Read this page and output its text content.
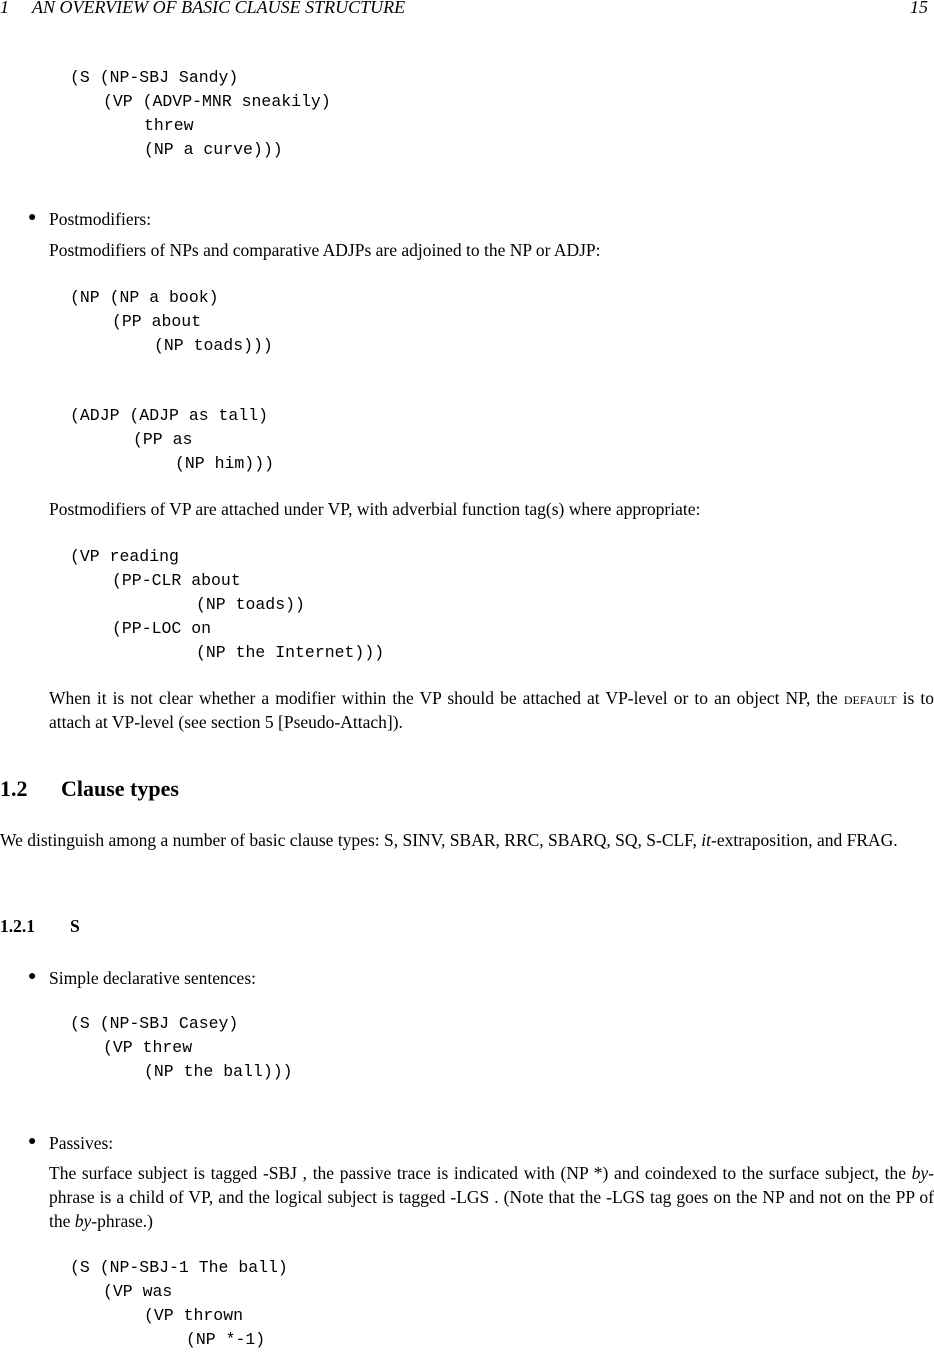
1 AN OVERVIEW OF BASIC CLAUSE STRUCTURE	15
(S (NP-SBJ Sandy)
(VP (ADVP-MNR sneakily)
threw
(NP a curve)))
● Postmodifiers:
Postmodifiers of NPs and comparative ADJPs are adjoined to the NP or ADJP:
(NP (NP a book)
(PP about
(NP toads)))
(ADJP (ADJP as tall)
(PP as
(NP him)))
Postmodifiers of VP are attached under VP, with adverbial function tag(s) where appropriate:
(VP reading
(PP-CLR about
(NP toads))
(PP-LOC on
(NP the Internet)))
When it is not clear whether a modifier within the VP should be attached at VP-level or to an object NP, the default is to attach at VP-level (see section 5 [Pseudo-Attach]).
1.2 Clause types
We distinguish among a number of basic clause types: S, SINV, SBAR, RRC, SBARQ, SQ, S-CLF, it-extraposition, and FRAG.
1.2.1 S
● Simple declarative sentences:
(S (NP-SBJ Casey)
(VP threw
(NP the ball)))
● Passives:
The surface subject is tagged -SBJ , the passive trace is indicated with (NP *) and coindexed to the surface subject, the by-phrase is a child of VP, and the logical subject is tagged -LGS . (Note that the -LGS tag goes on the NP and not on the PP of the by-phrase.)
(S (NP-SBJ-1 The ball)
(VP was
(VP thrown
(NP *-1)
